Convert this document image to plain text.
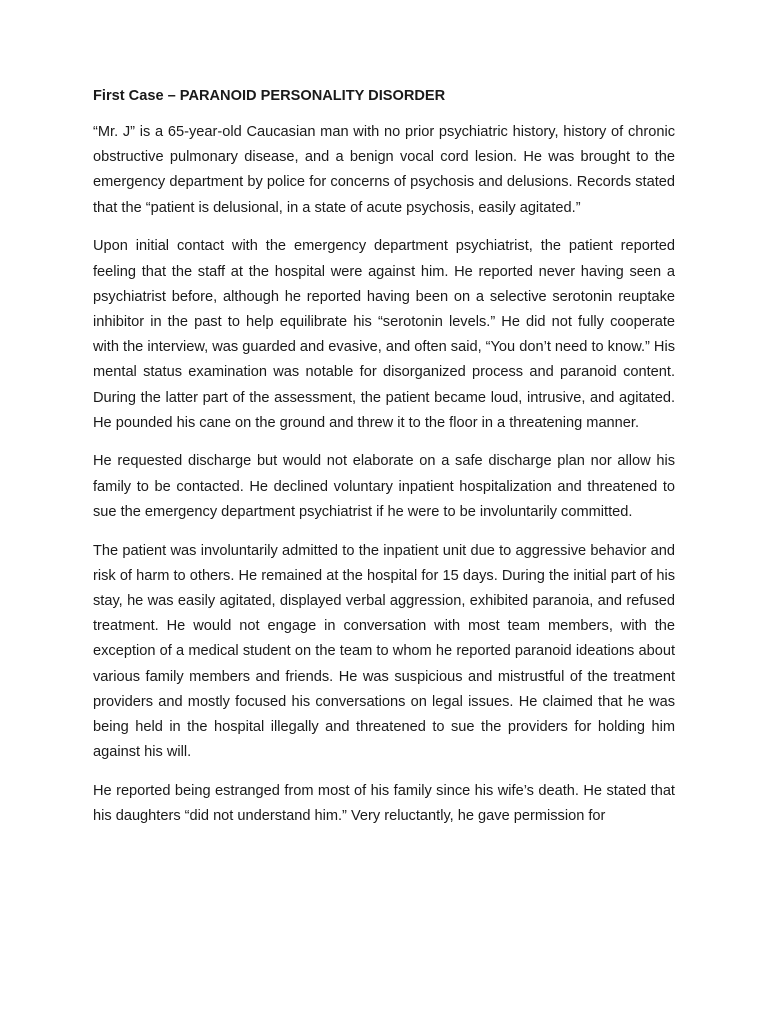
First Case – PARANOID PERSONALITY DISORDER

“Mr. J” is a 65-year-old Caucasian man with no prior psychiatric history, history of chronic obstructive pulmonary disease, and a benign vocal cord lesion. He was brought to the emergency department by police for concerns of psychosis and delusions. Records stated that the “patient is delusional, in a state of acute psychosis, easily agitated.”

Upon initial contact with the emergency department psychiatrist, the patient reported feeling that the staff at the hospital were against him. He reported never having seen a psychiatrist before, although he reported having been on a selective serotonin reuptake inhibitor in the past to help equilibrate his “serotonin levels.” He did not fully cooperate with the interview, was guarded and evasive, and often said, “You don’t need to know.” His mental status examination was notable for disorganized process and paranoid content. During the latter part of the assessment, the patient became loud, intrusive, and agitated. He pounded his cane on the ground and threw it to the floor in a threatening manner.

He requested discharge but would not elaborate on a safe discharge plan nor allow his family to be contacted. He declined voluntary inpatient hospitalization and threatened to sue the emergency department psychiatrist if he were to be involuntarily committed.

The patient was involuntarily admitted to the inpatient unit due to aggressive behavior and risk of harm to others. He remained at the hospital for 15 days. During the initial part of his stay, he was easily agitated, displayed verbal aggression, exhibited paranoia, and refused treatment. He would not engage in conversation with most team members, with the exception of a medical student on the team to whom he reported paranoid ideations about various family members and friends. He was suspicious and mistrustful of the treatment providers and mostly focused his conversations on legal issues. He claimed that he was being held in the hospital illegally and threatened to sue the providers for holding him against his will.

He reported being estranged from most of his family since his wife’s death. He stated that his daughters “did not understand him.” Very reluctantly, he gave permission for
